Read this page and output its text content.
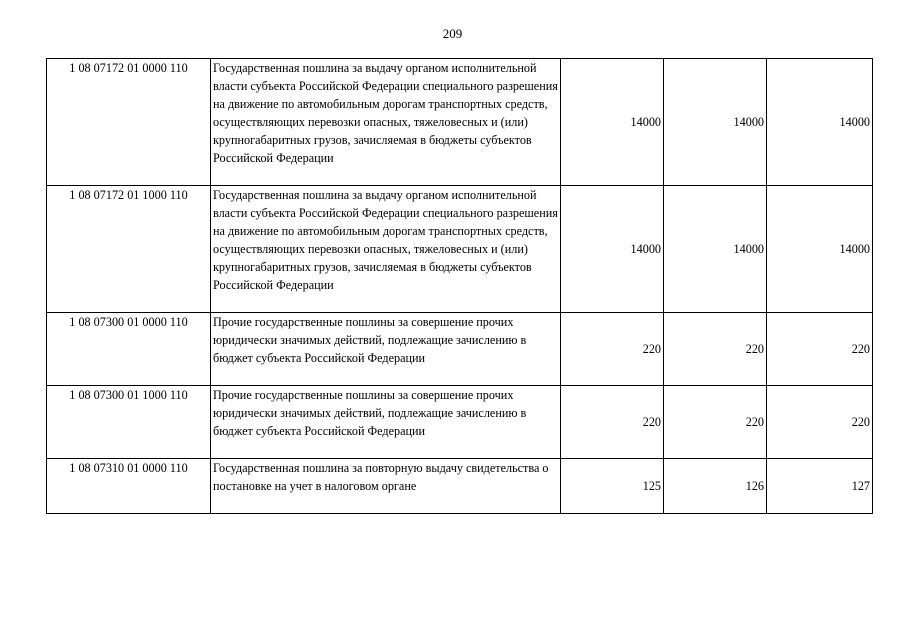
209
1 08 07172 01 0000 110	Государственная пошлина за выдачу органом исполнительной власти субъекта Российской Федерации специального разрешения на движение по автомобильным дорогам транспортных средств, осуществляющих перевозки опасных, тяжеловесных и (или) крупногабаритных грузов, зачисляемая в бюджеты субъектов Российской Федерации	14000	14000	14000
1 08 07172 01 1000 110	Государственная пошлина за выдачу органом исполнительной власти субъекта Российской Федерации специального разрешения на движение по автомобильным дорогам транспортных средств, осуществляющих перевозки опасных, тяжеловесных и (или) крупногабаритных грузов, зачисляемая в бюджеты субъектов Российской Федерации	14000	14000	14000
1 08 07300 01 0000 110	Прочие государственные пошлины за совершение прочих юридически значимых действий, подлежащие зачислению в бюджет субъекта Российской Федерации	220	220	220
1 08 07300 01 1000 110	Прочие государственные пошлины за совершение прочих юридически значимых действий, подлежащие зачислению в бюджет субъекта Российской Федерации	220	220	220
1 08 07310 01 0000 110	Государственная пошлина за повторную выдачу свидетельства о постановке на учет в налоговом органе	125	126	127
